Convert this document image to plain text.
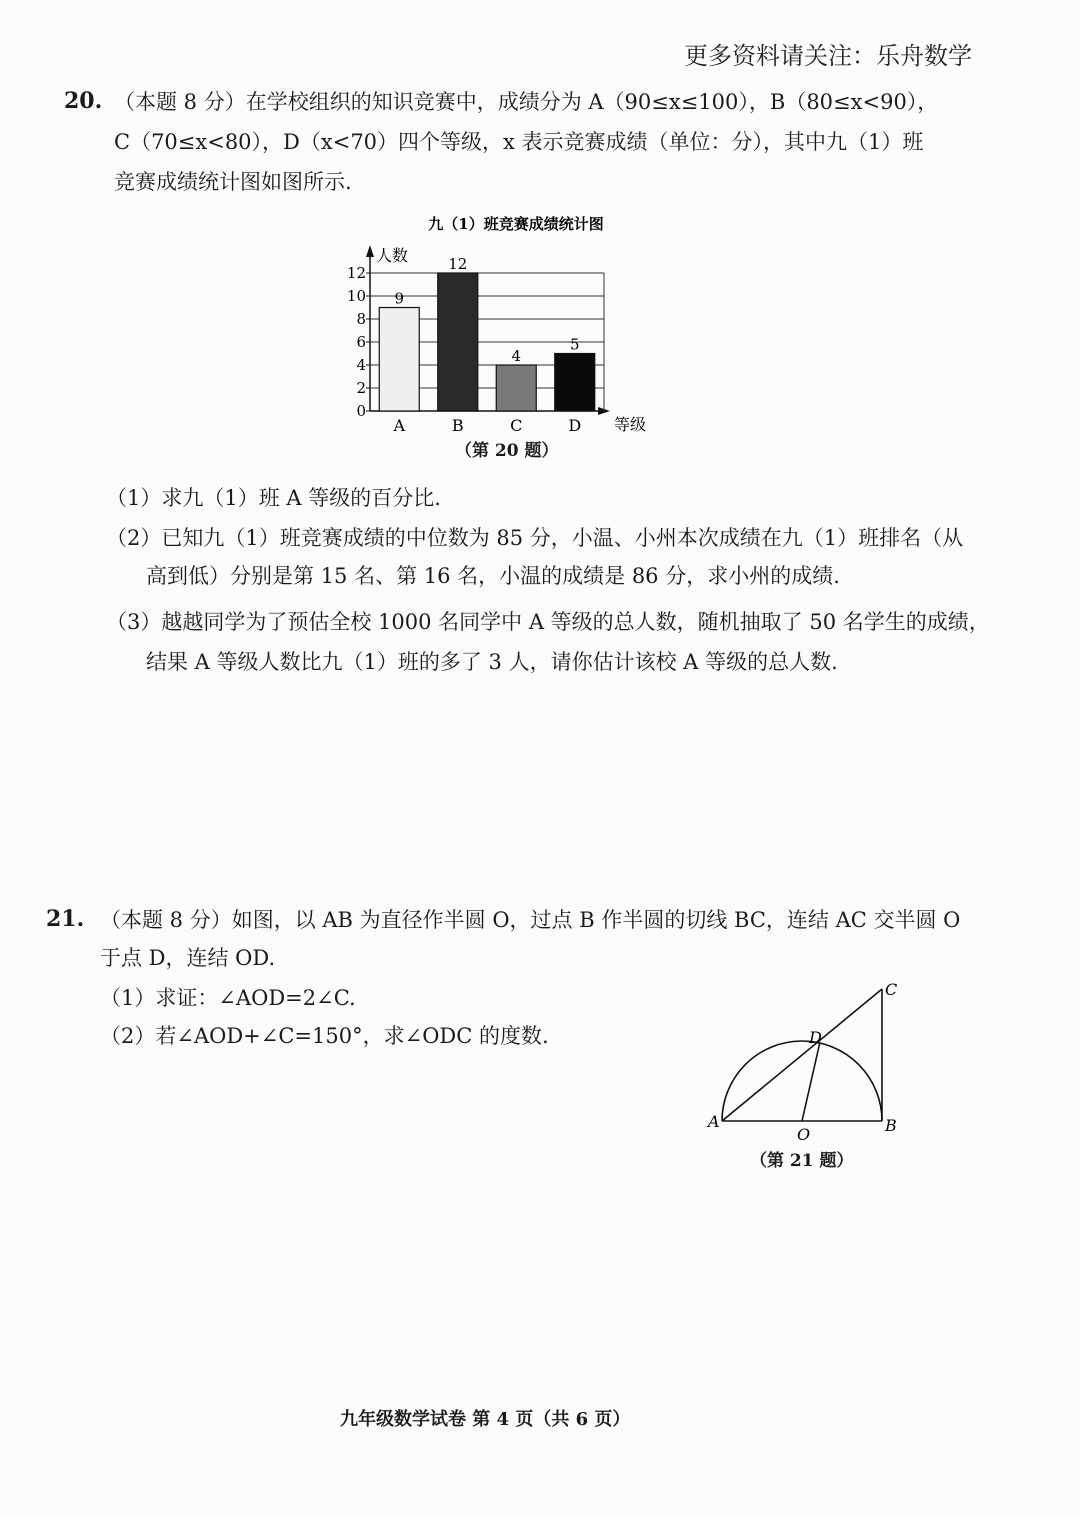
更多资料请关注：乐舟数学
20. （本题 8 分）在学校组织的知识竞赛中，成绩分为 A（90≤x≤100），B（80≤x<90），
C（70≤x<80），D（x<70）四个等级，x 表示竞赛成绩（单位：分），其中九（1）班
竞赛成绩统计图如图所示.
九（1）班竞赛成绩统计图
人数
等级
0
2
4
6
8
10
12
A	B	C	D
9
12
4
5
（第 20 题）
（1）求九（1）班 A 等级的百分比.
（2）已知九（1）班竞赛成绩的中位数为 85 分，小温、小州本次成绩在九（1）班排名（从
高到低）分别是第 15 名、第 16 名，小温的成绩是 86 分，求小州的成绩.
（3）越越同学为了预估全校 1000 名同学中 A 等级的总人数，随机抽取了 50 名学生的成绩，
结果 A 等级人数比九（1）班的多了 3 人，请你估计该校 A 等级的总人数.
21. （本题 8 分）如图，以 AB 为直径作半圆 O，过点 B 作半圆的切线 BC，连结 AC 交半圆 O
于点 D，连结 OD.
（1）求证：∠AOD=2∠C.
（2）若∠AOD+∠C=150°，求∠ODC 的度数.
A	B
C
D
O
（第 21 题）
九年级数学试卷 第 4 页（共 6 页）
